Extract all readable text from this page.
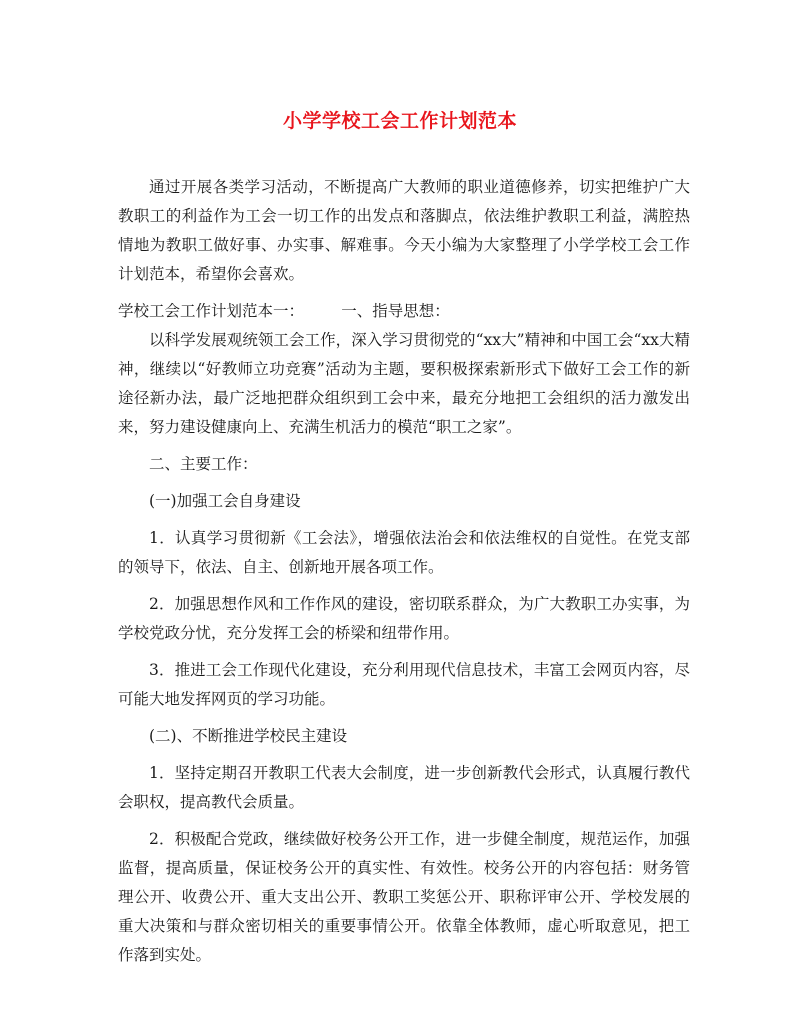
小学学校工会工作计划范本

通过开展各类学习活动，不断提高广大教师的职业道德修养，切实把维护广大教职工的利益作为工会一切工作的出发点和落脚点，依法维护教职工利益，满腔热情地为教职工做好事、办实事、解难事。今天小编为大家整理了小学学校工会工作计划范本，希望你会喜欢。

学校工会工作计划范本一： 一、指导思想：

以科学发展观统领工会工作，深入学习贯彻党的“xx大”精神和中国工会“xx大精神，继续以“好教师立功竞赛”活动为主题，要积极探索新形式下做好工会工作的新途径新办法，最广泛地把群众组织到工会中来，最充分地把工会组织的活力激发出来，努力建设健康向上、充满生机活力的模范“职工之家”。

二、主要工作：

(一)加强工会自身建设

1．认真学习贯彻新《工会法》，增强依法治会和依法维权的自觉性。在党支部的领导下，依法、自主、创新地开展各项工作。

2．加强思想作风和工作作风的建设，密切联系群众，为广大教职工办实事，为学校党政分忧，充分发挥工会的桥梁和纽带作用。

3．推进工会工作现代化建设，充分利用现代信息技术，丰富工会网页内容，尽可能大地发挥网页的学习功能。

(二)、不断推进学校民主建设

1．坚持定期召开教职工代表大会制度，进一步创新教代会形式，认真履行教代会职权，提高教代会质量。

2．积极配合党政，继续做好校务公开工作，进一步健全制度，规范运作，加强监督，提高质量，保证校务公开的真实性、有效性。校务公开的内容包括：财务管理公开、收费公开、重大支出公开、教职工奖惩公开、职称评审公开、学校发展的重大决策和与群众密切相关的重要事情公开。依靠全体教师，虚心听取意见，把工作落到实处。
